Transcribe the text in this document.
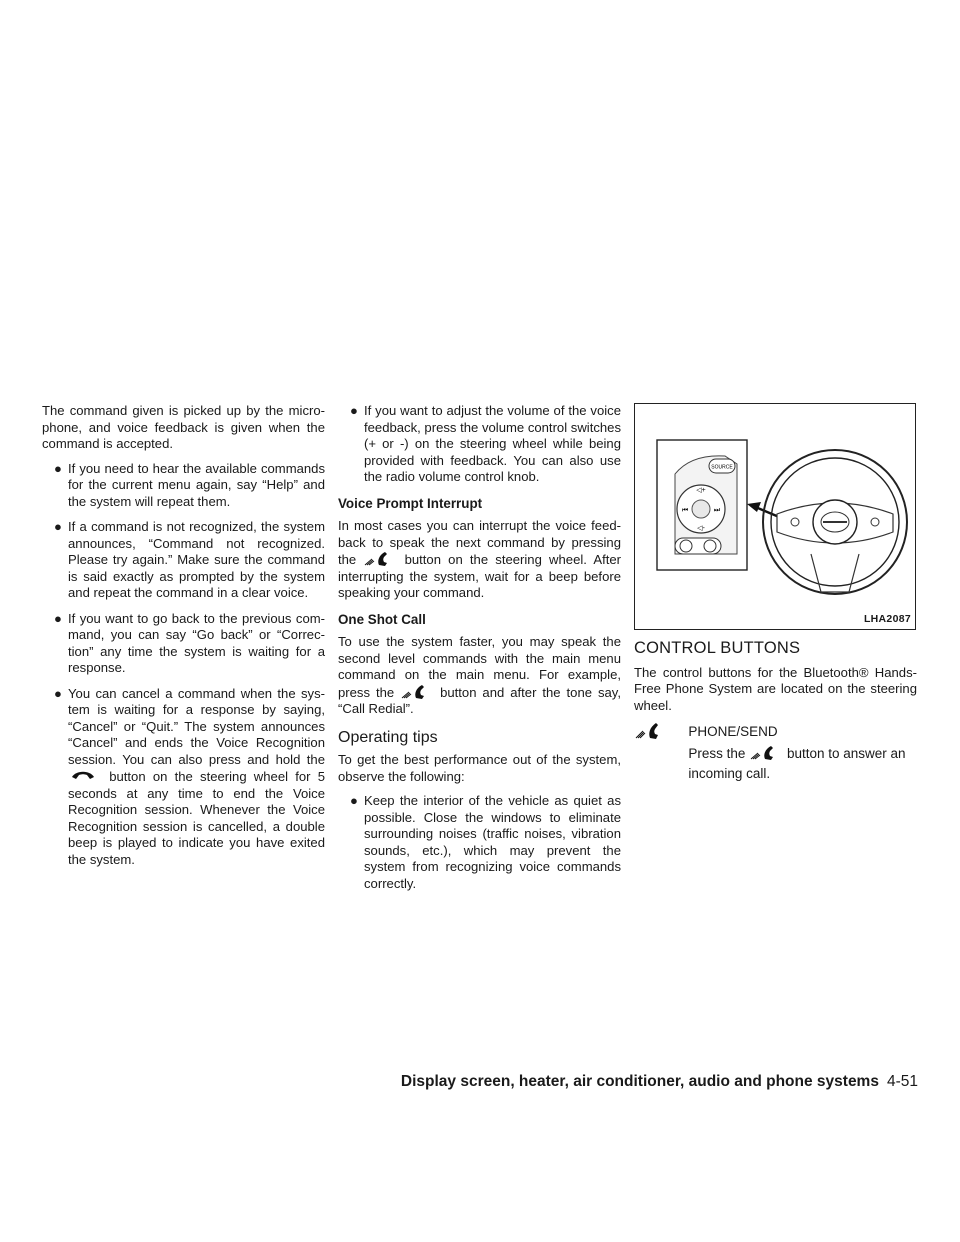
The command given is picked up by the micro- phone, and voice feedback is given when the command is accepted.

● If you need to hear the available commands for the current menu again, say “Help” and the system will repeat them.
● If a command is not recognized, the system announces, “Command not recognized. Please try again.” Make sure the command is said exactly as prompted by the system and repeat the command in a clear voice.
● If you want to go back to the previous com- mand, you can say “Go back” or “Correc- tion” any time the system is waiting for a response.
● You can cancel a command when the sys- tem is waiting for a response by saying, “Cancel” or “Quit.” The system announces “Cancel” and ends the Voice Recognition session. You can also press and hold the
button on the steering wheel for 5 seconds at any time to end the Voice Recognition session. Whenever the Voice Recognition session is cancelled, a double beep is played to indicate you have exited the system.
● If you want to adjust the volume of the voice feedback, press the volume control switches (+ or -) on the steering wheel while being provided with feedback. You can also use the radio volume control knob.
Voice Prompt Interrupt

In most cases you can interrupt the voice feed- back to speak the next command by pressing the	button on the steering wheel. After interrupting the system, wait for a beep before speaking your command.

One Shot Call

To use the system faster, you may speak the second level commands with the main menu command on the main menu. For example, press the	button and after the tone say, “Call Redial”.

Operating tips

To get the best performance out of the system, observe the following:

● Keep the interior of the vehicle as quiet as possible. Close the windows to eliminate surrounding noises (traffic noises, vibration sounds, etc.), which may prevent the system from recognizing voice commands correctly.
SOURCE
◁+
◁-
⏮	⏭
LHA2087
CONTROL BUTTONS

The control buttons for the Bluetooth® Hands- Free Phone System are located on the steering wheel.

PHONE/SEND
Press the	button to answer an incoming call.
Display screen, heater, air conditioner, audio and phone systems 4-51
